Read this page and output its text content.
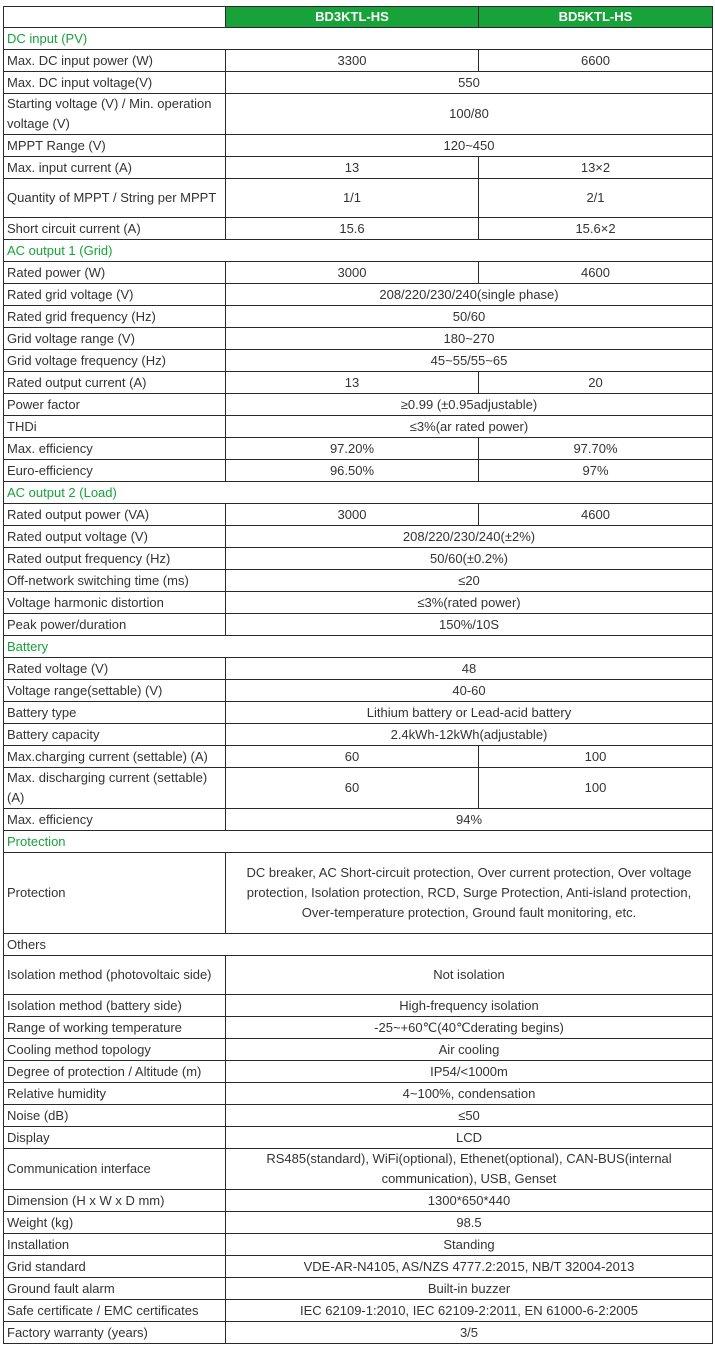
	BD3KTL-HS	BD5KTL-HS
DC input (PV)		
Max. DC input power (W)	3300	6600
Max. DC input voltage(V)	550	
Starting voltage (V) / Min. operation voltage (V)	100/80	
MPPT Range (V)	120~450	
Max. input current (A)	13	13×2
Quantity of MPPT / String per MPPT	1/1	2/1
Short circuit current (A)	15.6	15.6×2
AC output 1 (Grid)		
Rated power (W)	3000	4600
Rated grid voltage (V)	208/220/230/240(single phase)	
Rated grid frequency (Hz)	50/60	
Grid voltage range (V)	180~270	
Grid voltage frequency (Hz)	45~55/55~65	
Rated output current (A)	13	20
Power factor	≥0.99 (±0.95adjustable)	
THDi	≤3%(ar rated power)	
Max. efficiency	97.20%	97.70%
Euro-efficiency	96.50%	97%
AC output 2 (Load)		
Rated output power (VA)	3000	4600
Rated output voltage (V)	208/220/230/240(±2%)	
Rated output frequency (Hz)	50/60(±0.2%)	
Off-network switching time (ms)	≤20	
Voltage harmonic distortion	≤3%(rated power)	
Peak power/duration	150%/10S	
Battery		
Rated voltage (V)	48	
Voltage range(settable) (V)	40-60	
Battery type	Lithium battery or Lead-acid battery	
Battery capacity	2.4kWh-12kWh(adjustable)	
Max.charging current (settable) (A)	60	100
Max. discharging current (settable) (A)	60	100
Max. efficiency	94%	
Protection		
Protection	DC breaker, AC Short-circuit protection, Over current protection, Over voltage protection, Isolation protection, RCD, Surge Protection, Anti-island protection, Over-temperature protection, Ground fault monitoring, etc.	
Others		
Isolation method (photovoltaic side)	Not isolation	
Isolation method (battery side)	High-frequency isolation	
Range of working temperature	-25~+60℃(40℃derating begins)	
Cooling method topology	Air cooling	
Degree of protection / Altitude (m)	IP54/<1000m	
Relative humidity	4~100%, condensation	
Noise (dB)	≤50	
Display	LCD	
Communication interface	RS485(standard), WiFi(optional), Ethenet(optional), CAN-BUS(internal communication), USB, Genset	
Dimension (H x W x D mm)	1300*650*440	
Weight (kg)	98.5	
Installation	Standing	
Grid standard	VDE-AR-N4105, AS/NZS 4777.2:2015, NB/T 32004-2013	
Ground fault alarm	Built-in buzzer	
Safe certificate / EMC certificates	IEC 62109-1:2010, IEC 62109-2:2011, EN 61000-6-2:2005	
Factory warranty (years)	3/5	
